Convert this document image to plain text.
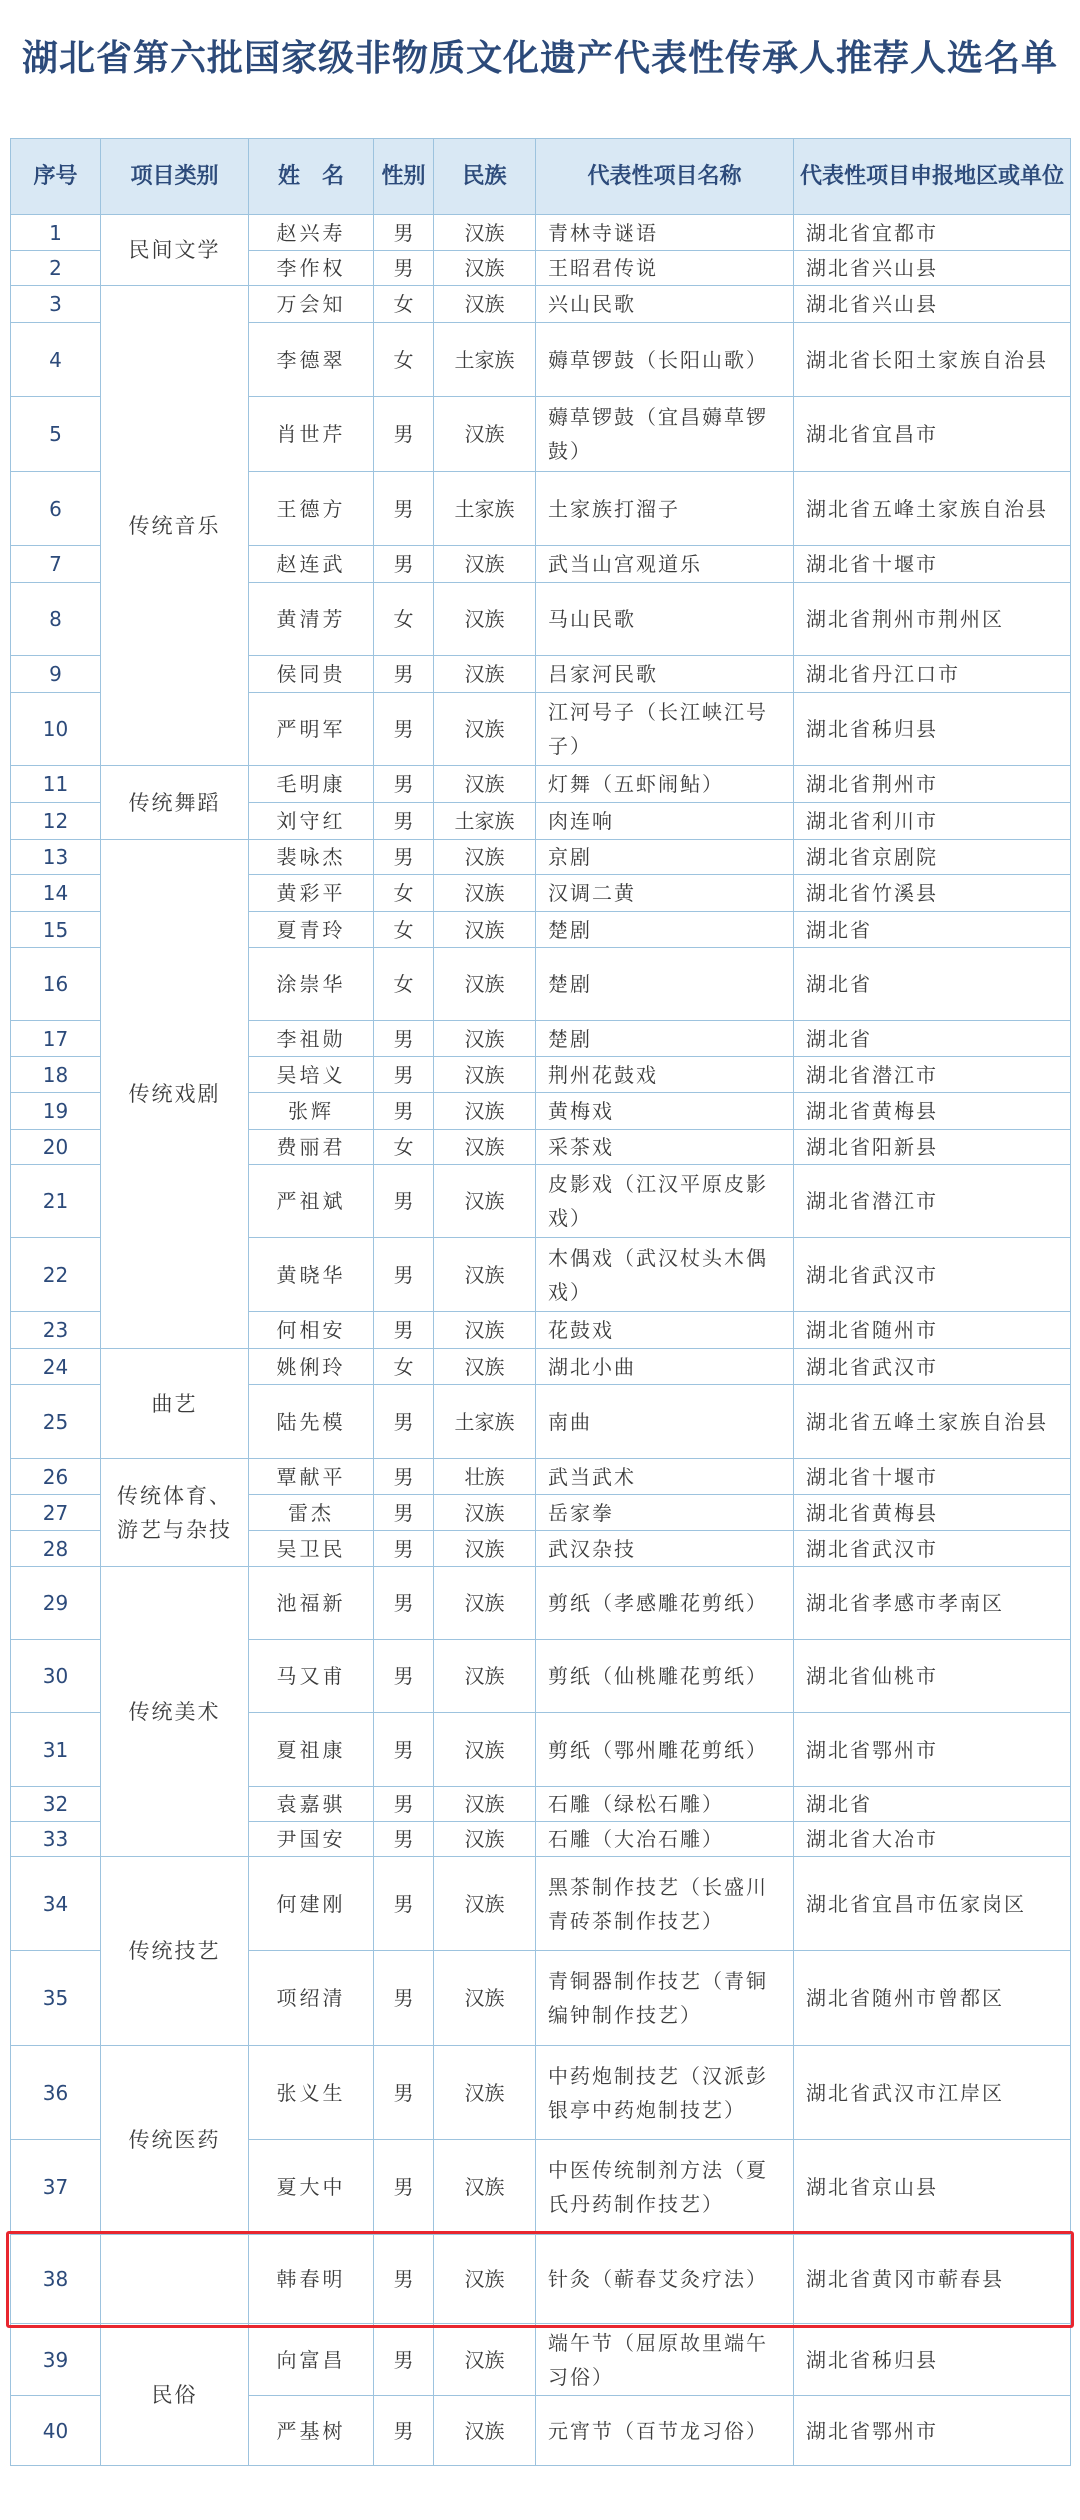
湖北省第六批国家级非物质文化遗产代表性传承人推荐人选名单
序号	项目类别	姓　名	性别	民族	代表性项目名称	代表性项目申报地区或单位
1	民间文学	赵兴寿	男	汉族	青林寺谜语	湖北省宜都市
2		李作权	男	汉族	王昭君传说	湖北省兴山县
3	传统音乐	万会知	女	汉族	兴山民歌	湖北省兴山县
4		李德翠	女	土家族	薅草锣鼓（长阳山歌）	湖北省长阳土家族自治县
5		肖世芹	男	汉族	薅草锣鼓（宜昌薅草锣鼓）	湖北省宜昌市
6		王德方	男	土家族	土家族打溜子	湖北省五峰土家族自治县
7		赵连武	男	汉族	武当山宫观道乐	湖北省十堰市
8		黄清芳	女	汉族	马山民歌	湖北省荆州市荆州区
9		侯同贵	男	汉族	吕家河民歌	湖北省丹江口市
10		严明军	男	汉族	江河号子（长江峡江号子）	湖北省秭归县
11	传统舞蹈	毛明康	男	汉族	灯舞（五虾闹鲇）	湖北省荆州市
12		刘守红	男	土家族	肉连响	湖北省利川市
13	传统戏剧	裴咏杰	男	汉族	京剧	湖北省京剧院
14		黄彩平	女	汉族	汉调二黄	湖北省竹溪县
15		夏青玲	女	汉族	楚剧	湖北省
16		涂崇华	女	汉族	楚剧	湖北省
17		李祖勋	男	汉族	楚剧	湖北省
18		吴培义	男	汉族	荆州花鼓戏	湖北省潜江市
19		张辉	男	汉族	黄梅戏	湖北省黄梅县
20		费丽君	女	汉族	采茶戏	湖北省阳新县
21		严祖斌	男	汉族	皮影戏（江汉平原皮影戏）	湖北省潜江市
22		黄晓华	男	汉族	木偶戏（武汉杖头木偶戏）	湖北省武汉市
23		何相安	男	汉族	花鼓戏	湖北省随州市
24	曲艺	姚俐玲	女	汉族	湖北小曲	湖北省武汉市
25		陆先模	男	土家族	南曲	湖北省五峰土家族自治县
26	传统体育、游艺与杂技	覃献平	男	壮族	武当武术	湖北省十堰市
27		雷杰	男	汉族	岳家拳	湖北省黄梅县
28		吴卫民	男	汉族	武汉杂技	湖北省武汉市
29	传统美术	池福新	男	汉族	剪纸（孝感雕花剪纸）	湖北省孝感市孝南区
30		马又甫	男	汉族	剪纸（仙桃雕花剪纸）	湖北省仙桃市
31		夏祖康	男	汉族	剪纸（鄂州雕花剪纸）	湖北省鄂州市
32		袁嘉骐	男	汉族	石雕（绿松石雕）	湖北省
33		尹国安	男	汉族	石雕（大冶石雕）	湖北省大冶市
34	传统技艺	何建刚	男	汉族	黑茶制作技艺（长盛川青砖茶制作技艺）	湖北省宜昌市伍家岗区
35		项绍清	男	汉族	青铜器制作技艺（青铜编钟制作技艺）	湖北省随州市曾都区
36	传统医药	张义生	男	汉族	中药炮制技艺（汉派彭银亭中药炮制技艺）	湖北省武汉市江岸区
37		夏大中	男	汉族	中医传统制剂方法（夏氏丹药制作技艺）	湖北省京山县
38		韩春明	男	汉族	针灸（蕲春艾灸疗法）	湖北省黄冈市蕲春县
39	民俗	向富昌	男	汉族	端午节（屈原故里端午习俗）	湖北省秭归县
40		严基树	男	汉族	元宵节（百节龙习俗）	湖北省鄂州市
